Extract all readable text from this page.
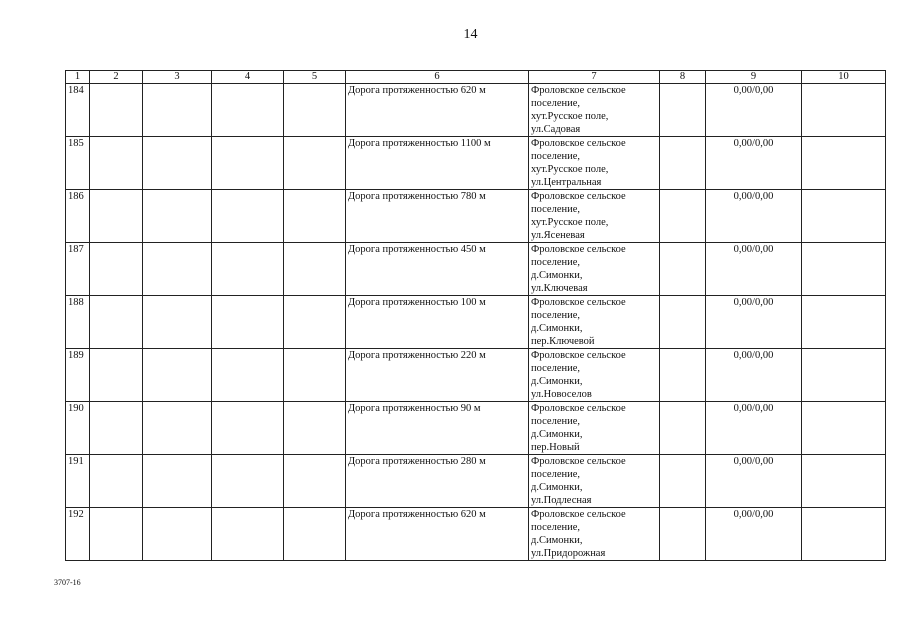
14
1	2	3	4	5	6	7	8	9	10
184					Дорога протяженностью 620 м	Фроловское сельское
поселение,
хут.Русское поле,
ул.Садовая		0,00/0,00	
185					Дорога протяженностью 1100 м	Фроловское сельское
поселение,
хут.Русское поле,
ул.Центральная		0,00/0,00	
186					Дорога протяженностью 780 м	Фроловское сельское
поселение,
хут.Русское поле,
ул.Ясеневая		0,00/0,00	
187					Дорога протяженностью 450 м	Фроловское сельское
поселение,
д.Симонки,
ул.Ключевая		0,00/0,00	
188					Дорога протяженностью 100 м	Фроловское сельское
поселение,
д.Симонки,
пер.Ключевой		0,00/0,00	
189					Дорога протяженностью 220 м	Фроловское сельское
поселение,
д.Симонки,
ул.Новоселов		0,00/0,00	
190					Дорога протяженностью 90 м	Фроловское сельское
поселение,
д.Симонки,
пер.Новый		0,00/0,00	
191					Дорога протяженностью 280 м	Фроловское сельское
поселение,
д.Симонки,
ул.Подлесная		0,00/0,00	
192					Дорога протяженностью 620 м	Фроловское сельское
поселение,
д.Симонки,
ул.Придорожная		0,00/0,00	
3707-16
